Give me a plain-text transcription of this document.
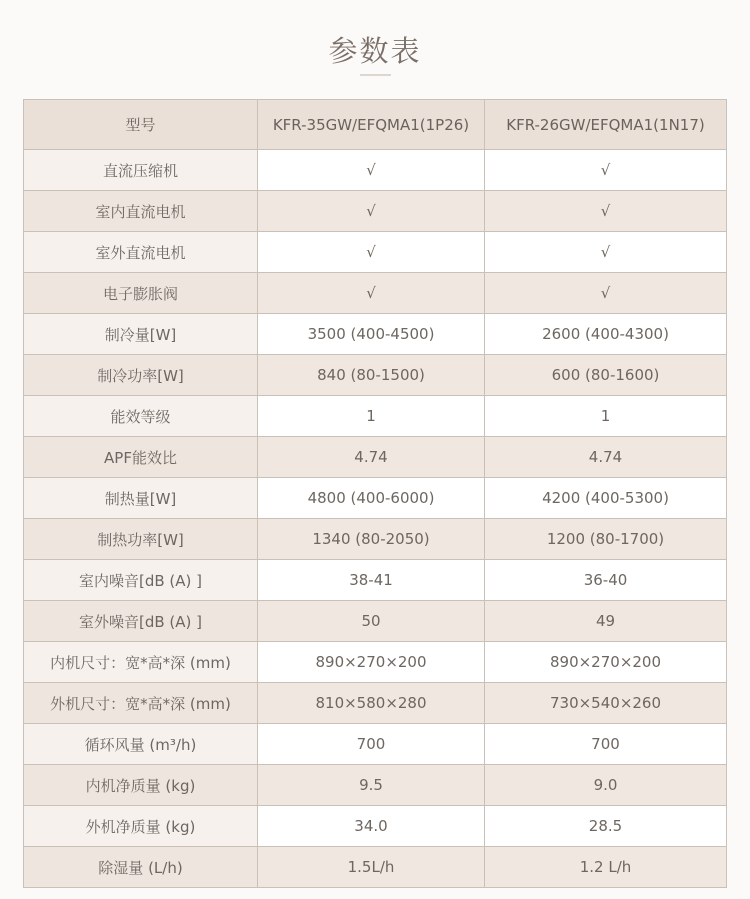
参数表
型号	KFR-35GW/EFQMA1(1P26)	KFR-26GW/EFQMA1(1N17)
直流压缩机	√	√
室内直流电机	√	√
室外直流电机	√	√
电子膨胀阀	√	√
制冷量[W]	3500 (400-4500)	2600 (400-4300)
制冷功率[W]	840 (80-1500)	600 (80-1600)
能效等级	1	1
APF能效比	4.74	4.74
制热量[W]	4800 (400-6000)	4200 (400-5300)
制热功率[W]	1340 (80-2050)	1200 (80-1700)
室内噪音[dB (A) ]	38-41	36-40
室外噪音[dB (A) ]	50	49
内机尺寸：宽*高*深 (mm)	890×270×200	890×270×200
外机尺寸：宽*高*深 (mm)	810×580×280	730×540×260
循环风量 (m³/h)	700	700
内机净质量 (kg)	9.5	9.0
外机净质量 (kg)	34.0	28.5
除湿量 (L/h)	1.5L/h	1.2 L/h
